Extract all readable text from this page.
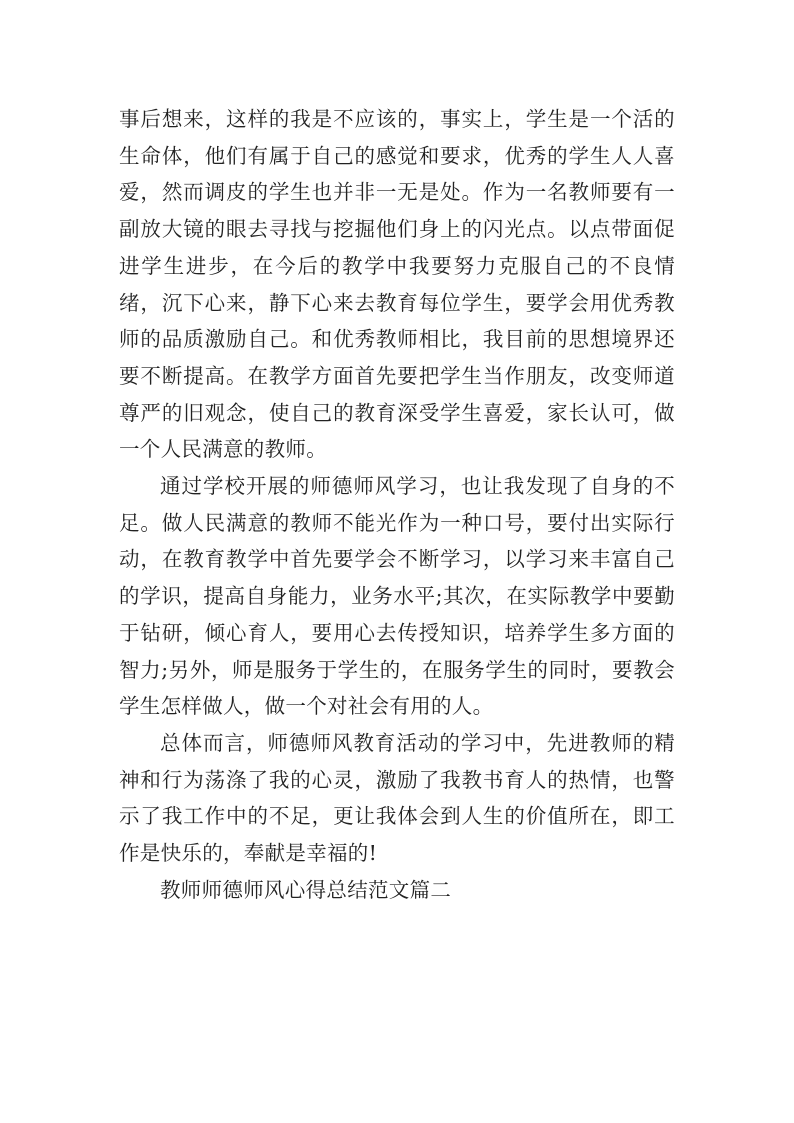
事后想来，这样的我是不应该的，事实上，学生是一个活的生命体，他们有属于自己的感觉和要求，优秀的学生人人喜爱，然而调皮的学生也并非一无是处。作为一名教师要有一副放大镜的眼去寻找与挖掘他们身上的闪光点。以点带面促进学生进步，在今后的教学中我要努力克服自己的不良情绪，沉下心来，静下心来去教育每位学生，要学会用优秀教师的品质激励自己。和优秀教师相比，我目前的思想境界还要不断提高。在教学方面首先要把学生当作朋友，改变师道尊严的旧观念，使自己的教育深受学生喜爱，家长认可，做一个人民满意的教师。

通过学校开展的师德师风学习，也让我发现了自身的不足。做人民满意的教师不能光作为一种口号，要付出实际行动，在教育教学中首先要学会不断学习，以学习来丰富自己的学识，提高自身能力，业务水平;其次，在实际教学中要勤于钻研，倾心育人，要用心去传授知识，培养学生多方面的智力;另外，师是服务于学生的，在服务学生的同时，要教会学生怎样做人，做一个对社会有用的人。

总体而言，师德师风教育活动的学习中，先进教师的精神和行为荡涤了我的心灵，激励了我教书育人的热情，也警示了我工作中的不足，更让我体会到人生的价值所在，即工作是快乐的，奉献是幸福的!

教师师德师风心得总结范文篇二
